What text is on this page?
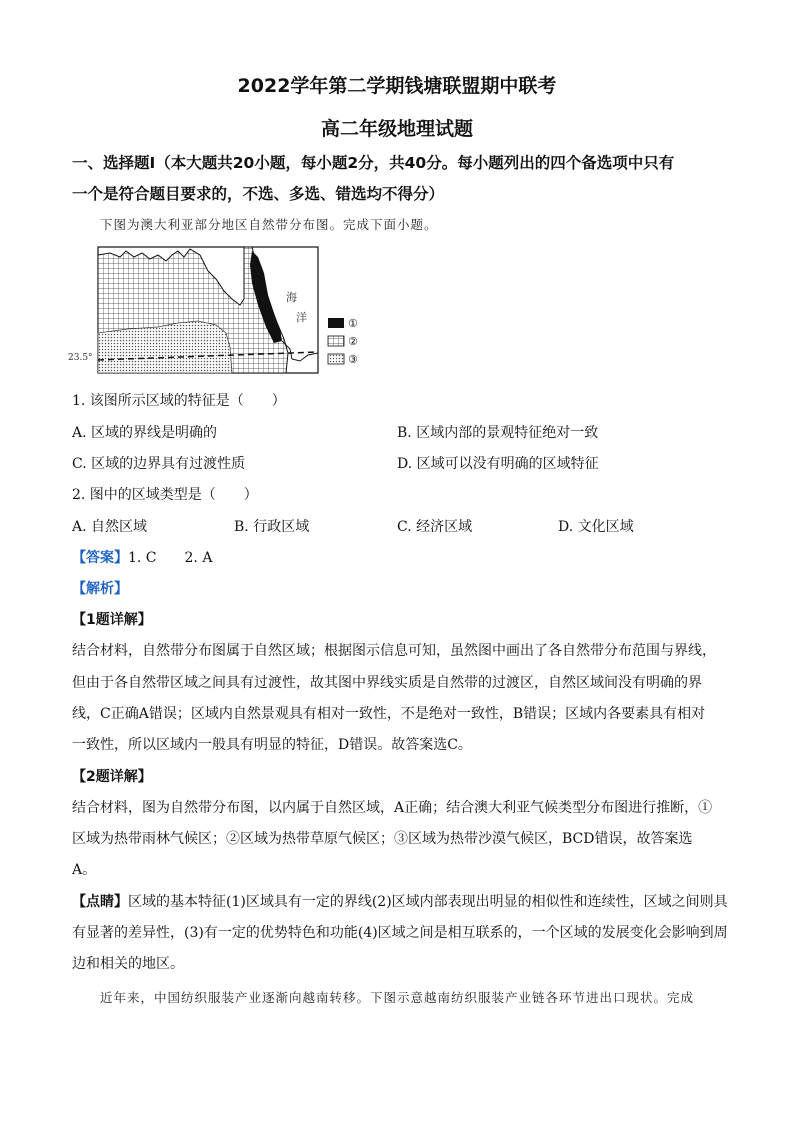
2022学年第二学期钱塘联盟期中联考
高二年级地理试题
一、选择题Ⅰ（本大题共20小题，每小题2分，共40分。每小题列出的四个备选项中只有
一个是符合题目要求的，不选、多选、错选均不得分）
下图为澳大利亚部分地区自然带分布图。完成下面小题。
海
洋
23.5°
①
②
③
1. 该图所示区域的特征是（　　）
A. 区域的界线是明确的	B. 区域内部的景观特征绝对一致
C. 区域的边界具有过渡性质	D. 区域可以没有明确的区域特征
2. 图中的区域类型是（　　）
A. 自然区域	B. 行政区域	C. 经济区域	D. 文化区域
【答案】1. C　　2. A
【解析】
【1题详解】
结合材料，自然带分布图属于自然区域；根据图示信息可知，虽然图中画出了各自然带分布范围与界线，
但由于各自然带区域之间具有过渡性，故其图中界线实质是自然带的过渡区，自然区域间没有明确的界
线，C正确A错误；区域内自然景观具有相对一致性，不是绝对一致性，B错误；区域内各要素具有相对
一致性，所以区域内一般具有明显的特征，D错误。故答案选C。
【2题详解】
结合材料，图为自然带分布图，以内属于自然区域，A正确；结合澳大利亚气候类型分布图进行推断，①
区域为热带雨林气候区；②区域为热带草原气候区；③区域为热带沙漠气候区，BCD错误，故答案选
A。
【点睛】区域的基本特征(1)区域具有一定的界线(2)区域内部表现出明显的相似性和连续性，区域之间则具
有显著的差异性，(3)有一定的优势特色和功能(4)区域之间是相互联系的，一个区域的发展变化会影响到周
边和相关的地区。
近年来，中国纺织服装产业逐渐向越南转移。下图示意越南纺织服装产业链各环节进出口现状。完成
